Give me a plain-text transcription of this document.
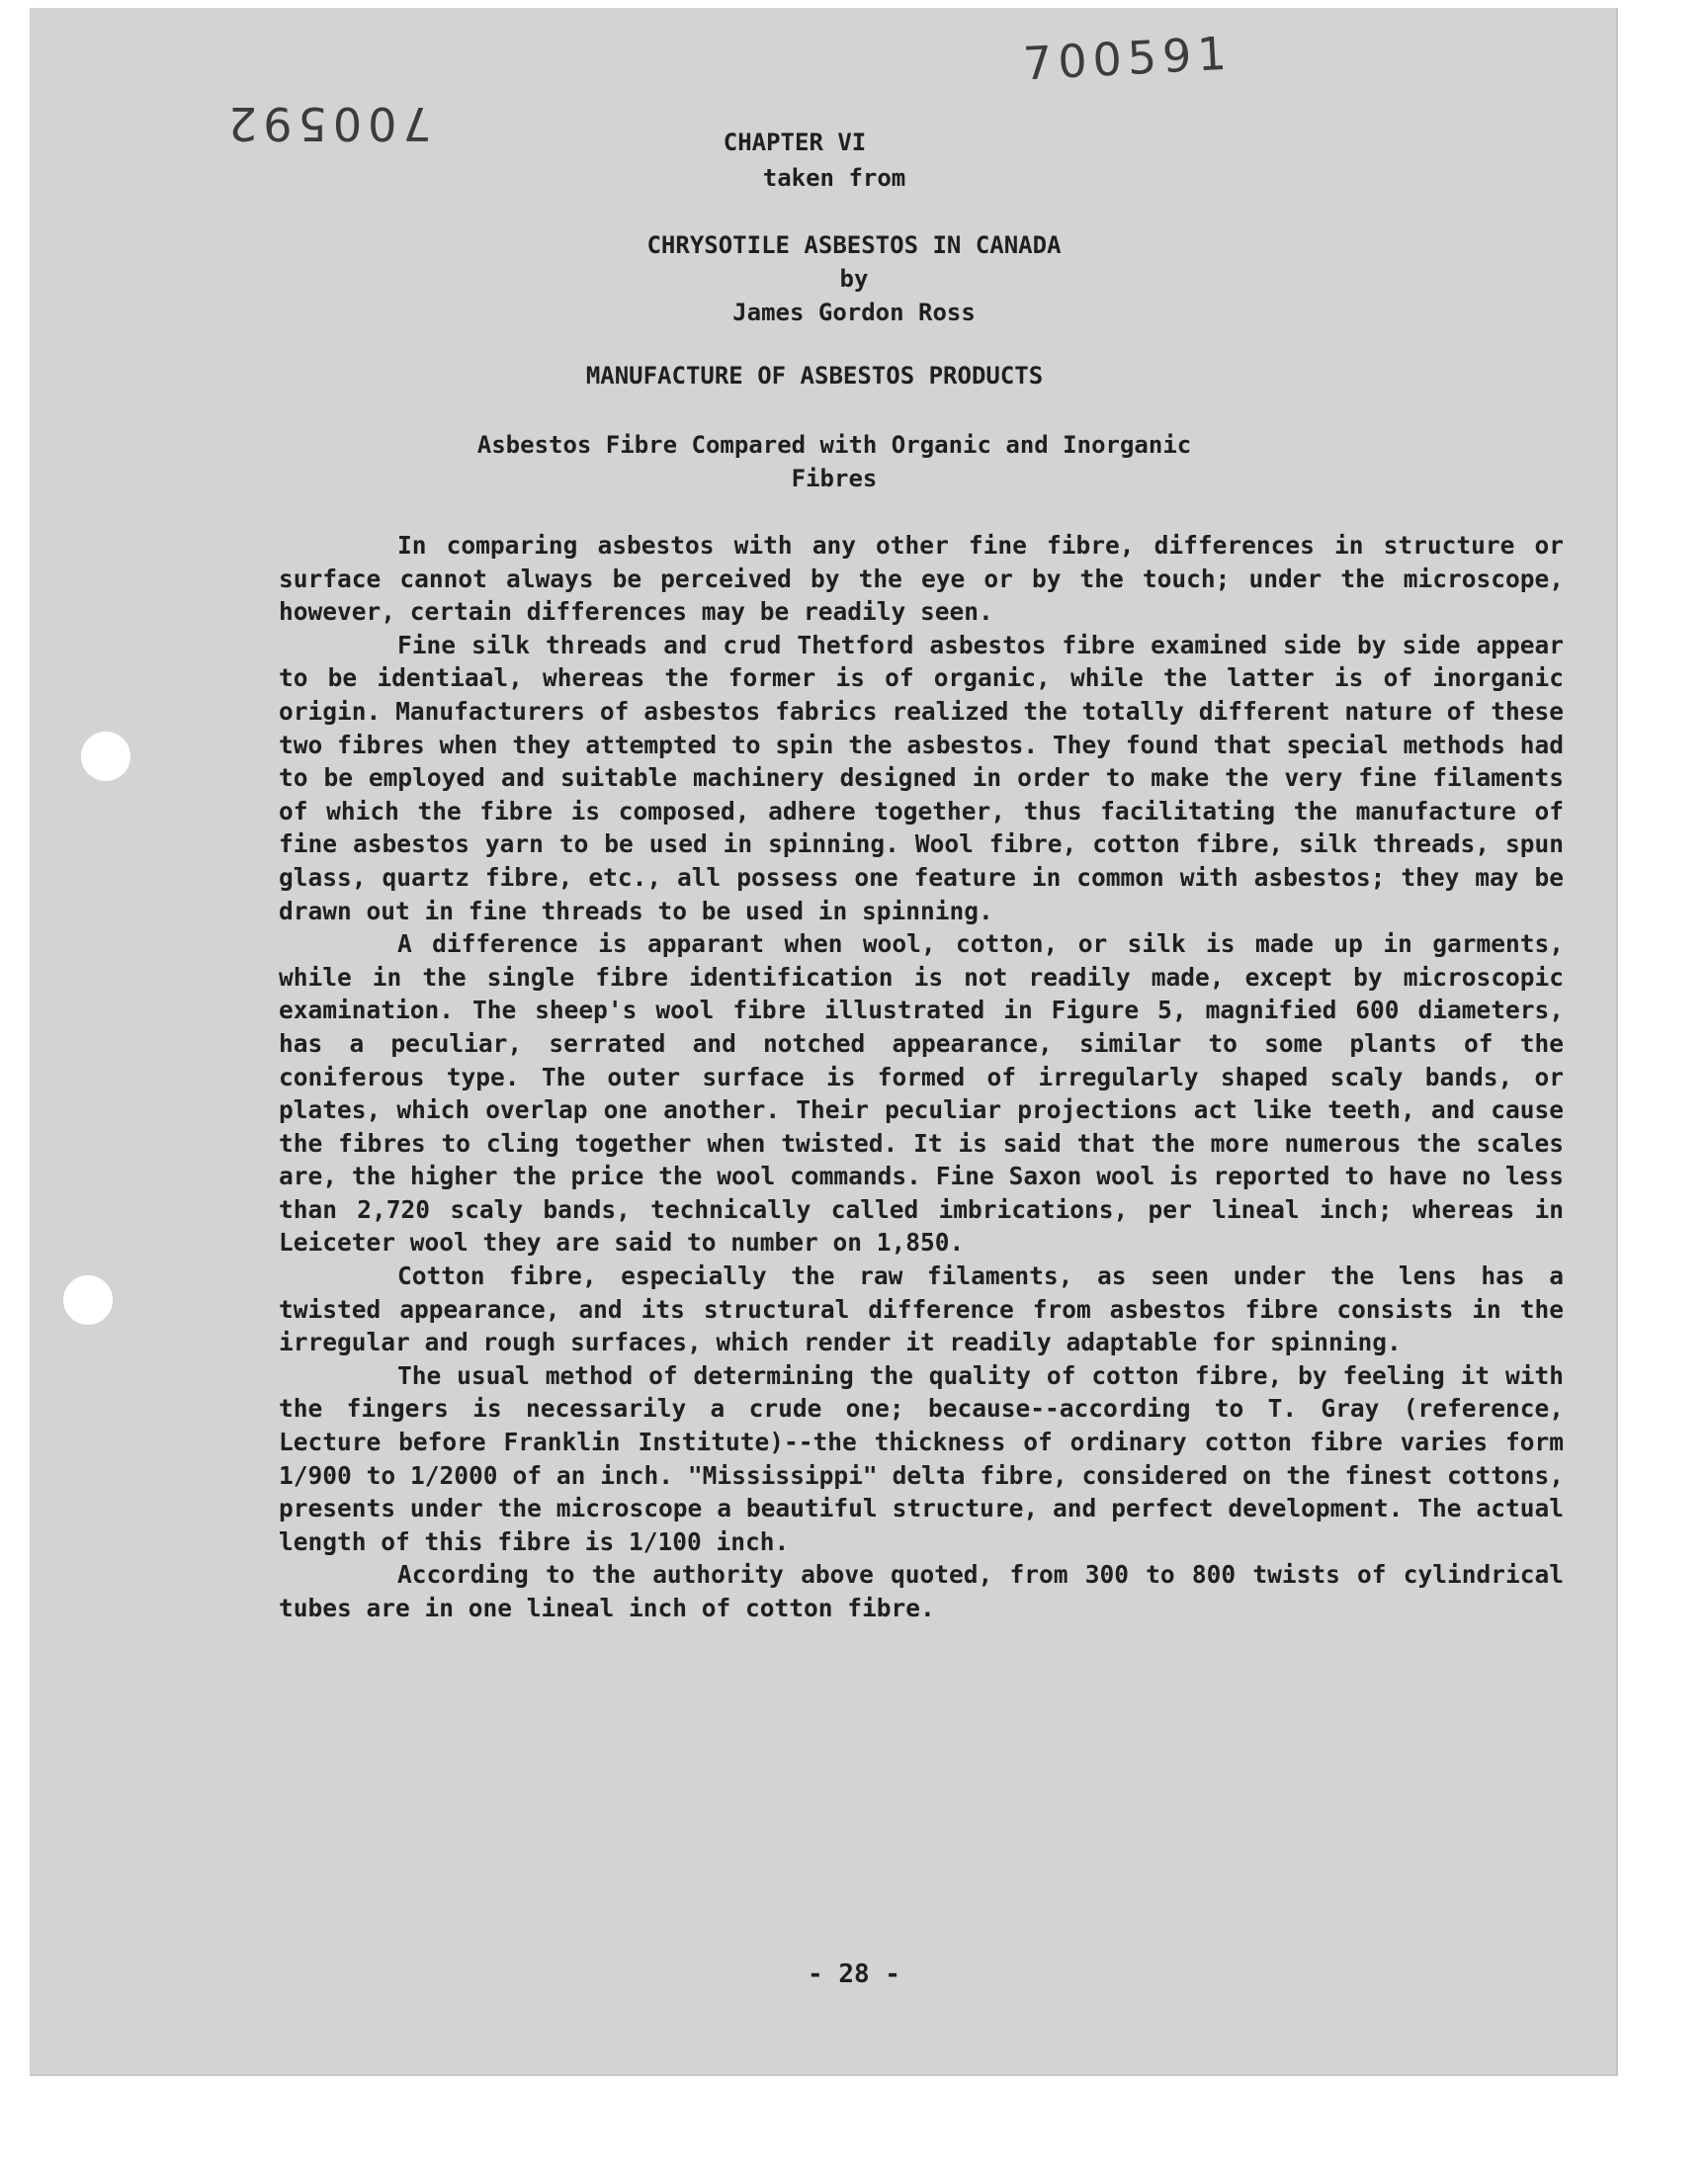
700591
700592	CHAPTER VI
taken from
CHRYSOTILE ASBESTOS IN CANADA
by
James Gordon Ross
MANUFACTURE OF ASBESTOS PRODUCTS
Asbestos Fibre Compared with Organic and Inorganic
Fibres

In comparing asbestos with any other fine fibre, differences in structure or surface cannot always be perceived by the eye or by the touch; under the microscope, however, certain differences may be readily seen.

Fine silk threads and crud Thetford asbestos fibre examined side by side appear to be identiaal, whereas the former is of organic, while the latter is of inorganic origin. Manufacturers of asbestos fabrics realized the totally different nature of these two fibres when they attempted to spin the asbestos. They found that special methods had to be employed and suitable machinery designed in order to make the very fine filaments of which the fibre is composed, adhere together, thus facilitating the manufacture of fine asbestos yarn to be used in spinning. Wool fibre, cotton fibre, silk threads, spun glass, quartz fibre, etc., all possess one feature in common with asbestos; they may be drawn out in fine threads to be used in spinning.

A difference is apparant when wool, cotton, or silk is made up in garments, while in the single fibre identification is not readily made, except by microscopic examination. The sheep's wool fibre illustrated in Figure 5, magnified 600 diameters, has a peculiar, serrated and notched appearance, similar to some plants of the coniferous type. The outer surface is formed of irregularly shaped scaly bands, or plates, which overlap one another. Their peculiar projections act like teeth, and cause the fibres to cling together when twisted. It is said that the more numerous the scales are, the higher the price the wool commands. Fine Saxon wool is reported to have no less than 2,720 scaly bands, technically called imbrications, per lineal inch; whereas in Leiceter wool they are said to number on 1,850.

Cotton fibre, especially the raw filaments, as seen under the lens has a twisted appearance, and its structural difference from asbestos fibre consists in the irregular and rough surfaces, which render it readily adaptable for spinning.

The usual method of determining the quality of cotton fibre, by feeling it with the fingers is necessarily a crude one; because--according to T. Gray (reference, Lecture before Franklin Institute)--the thickness of ordinary cotton fibre varies form 1/900 to 1/2000 of an inch. "Mississippi" delta fibre, considered on the finest cottons, presents under the microscope a beautiful structure, and perfect development. The actual length of this fibre is 1/100 inch.

According to the authority above quoted, from 300 to 800 twists of cylindrical tubes are in one lineal inch of cotton fibre.

- 28 -
